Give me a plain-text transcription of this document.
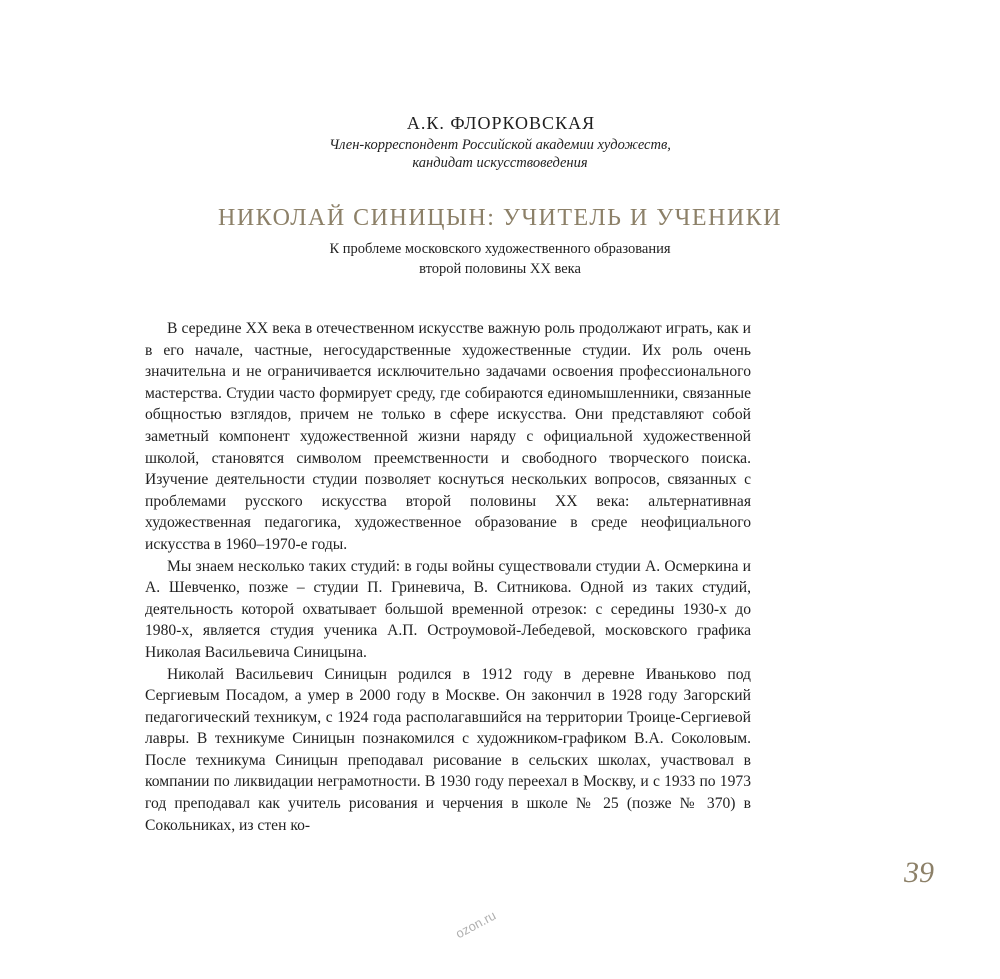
А.К. ФЛОРКОВСКАЯ
Член-корреспондент Российской академии художеств,
кандидат искусствоведения
НИКОЛАЙ СИНИЦЫН: УЧИТЕЛЬ И УЧЕНИКИ
К проблеме московского художественного образования
второй половины XX века

В середине XX века в отечественном искусстве важную роль продолжают играть, как и в его начале, частные, негосударственные художественные студии. Их роль очень значительна и не ограничивается исключительно задачами освоения профессионального мастерства. Студии часто формирует среду, где собираются единомышленники, связанные общностью взглядов, причем не только в сфере искусства. Они представляют собой заметный компонент художественной жизни наряду с официальной художественной школой, становятся символом преемственности и свободного творческого поиска. Изучение деятельности студии позволяет коснуться нескольких вопросов, связанных с проблемами русского искусства второй половины XX века: альтернативная художественная педагогика, художественное образование в среде неофициального искусства в 1960–1970-е годы.

Мы знаем несколько таких студий: в годы войны существовали студии А. Осмеркина и А. Шевченко, позже – студии П. Гриневича, В. Ситникова. Одной из таких студий, деятельность которой охватывает большой временной отрезок: с середины 1930-х до 1980-х, является студия ученика А.П. Остроумовой-Лебедевой, московского графика Николая Васильевича Синицына.

Николай Васильевич Синицын родился в 1912 году в деревне Иваньково под Сергиевым Посадом, а умер в 2000 году в Москве. Он закончил в 1928 году Загорский педагогический техникум, с 1924 года располагавшийся на территории Троице-Сергиевой лавры. В техникуме Синицын познакомился с художником-графиком В.А. Соколовым. После техникума Синицын преподавал рисование в сельских школах, участвовал в компании по ликвидации неграмотности. В 1930 году переехал в Москву, и с 1933 по 1973 год преподавал как учитель рисования и черчения в школе № 25 (позже № 370) в Сокольниках, из стен ко-

39
ozon.ru
